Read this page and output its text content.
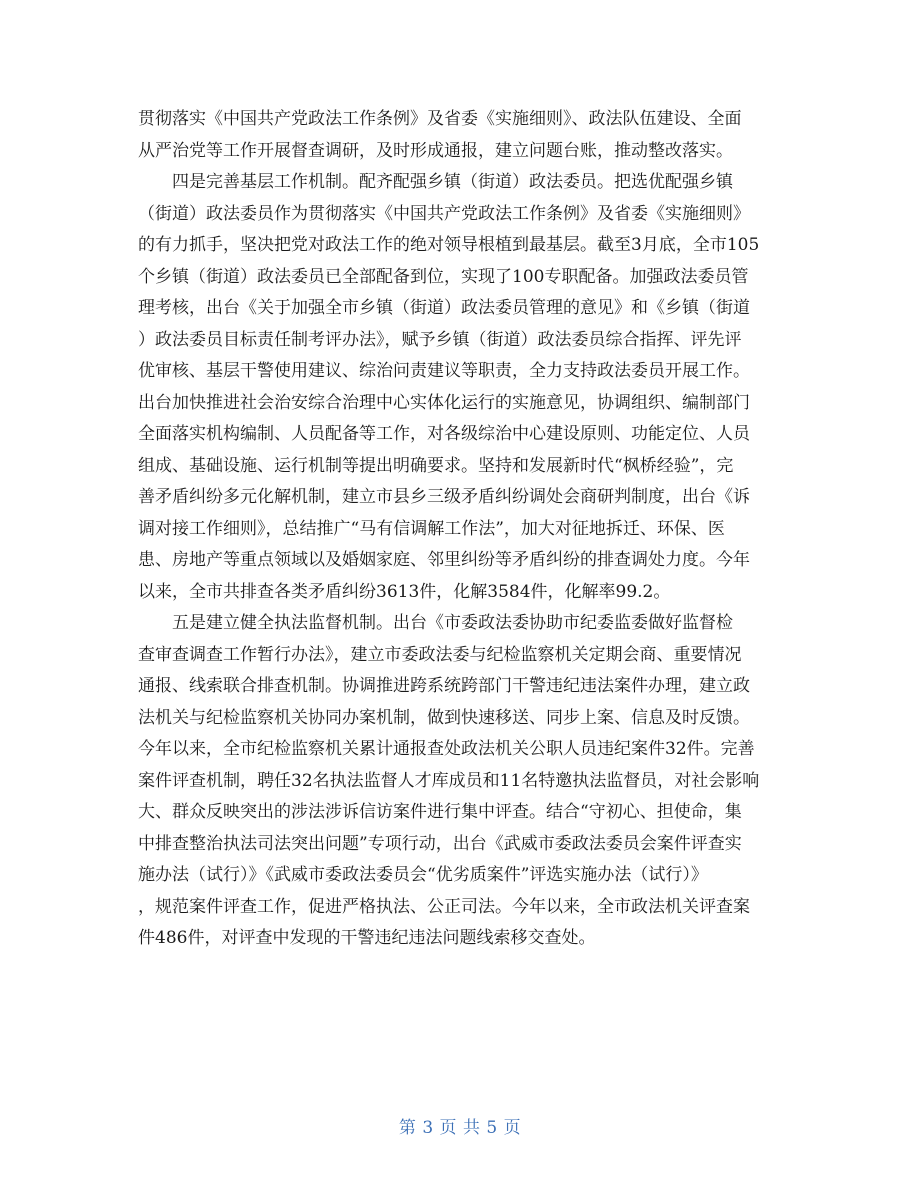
贯彻落实《中国共产党政法工作条例》及省委《实施细则》、政法队伍建设、全面
从严治党等工作开展督查调研，及时形成通报，建立问题台账，推动整改落实。

四是完善基层工作机制。配齐配强乡镇（街道）政法委员。把选优配强乡镇
（街道）政法委员作为贯彻落实《中国共产党政法工作条例》及省委《实施细则》
的有力抓手，坚决把党对政法工作的绝对领导根植到最基层。截至3月底，全市105
个乡镇（街道）政法委员已全部配备到位，实现了100专职配备。加强政法委员管
理考核，出台《关于加强全市乡镇（街道）政法委员管理的意见》和《乡镇（街道
）政法委员目标责任制考评办法》，赋予乡镇（街道）政法委员综合指挥、评先评
优审核、基层干警使用建议、综治问责建议等职责，全力支持政法委员开展工作。
出台加快推进社会治安综合治理中心实体化运行的实施意见，协调组织、编制部门
全面落实机构编制、人员配备等工作，对各级综治中心建设原则、功能定位、人员
组成、基础设施、运行机制等提出明确要求。坚持和发展新时代“枫桥经验”，完
善矛盾纠纷多元化解机制，建立市县乡三级矛盾纠纷调处会商研判制度，出台《诉
调对接工作细则》，总结推广“马有信调解工作法”，加大对征地拆迁、环保、医
患、房地产等重点领域以及婚姻家庭、邻里纠纷等矛盾纠纷的排查调处力度。今年
以来，全市共排查各类矛盾纠纷3613件，化解3584件，化解率99.2。

五是建立健全执法监督机制。出台《市委政法委协助市纪委监委做好监督检
查审查调查工作暂行办法》，建立市委政法委与纪检监察机关定期会商、重要情况
通报、线索联合排查机制。协调推进跨系统跨部门干警违纪违法案件办理，建立政
法机关与纪检监察机关协同办案机制，做到快速移送、同步上案、信息及时反馈。
今年以来，全市纪检监察机关累计通报查处政法机关公职人员违纪案件32件。完善
案件评查机制，聘任32名执法监督人才库成员和11名特邀执法监督员，对社会影响
大、群众反映突出的涉法涉诉信访案件进行集中评查。结合“守初心、担使命，集
中排查整治执法司法突出问题”专项行动，出台《武威市委政法委员会案件评查实
施办法（试行）》《武威市委政法委员会“优劣质案件”评选实施办法（试行）》
，规范案件评查工作，促进严格执法、公正司法。今年以来，全市政法机关评查案
件486件，对评查中发现的干警违纪违法问题线索移交查处。

第 3 页 共 5 页
